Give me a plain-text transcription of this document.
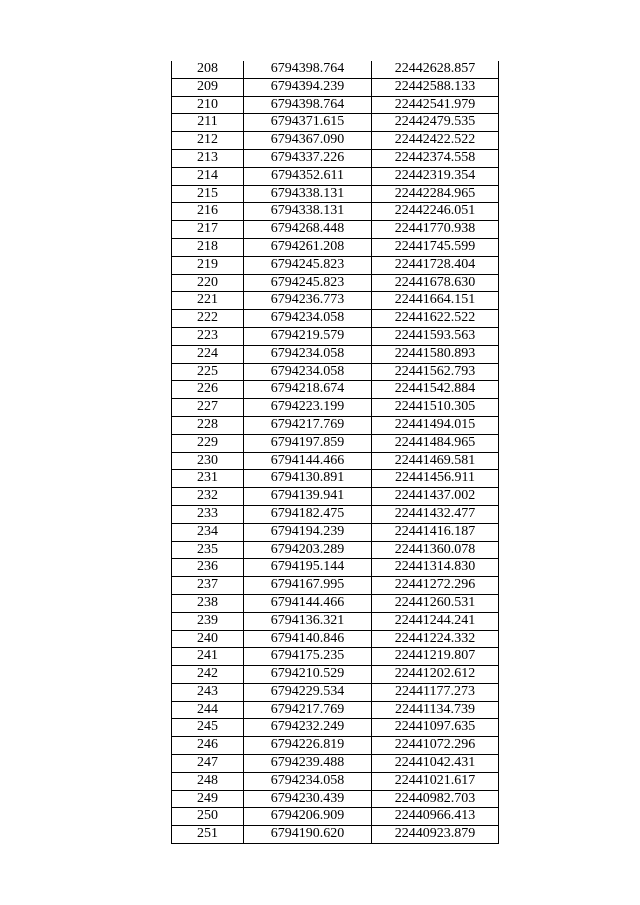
208	6794398.764	22442628.857
209	6794394.239	22442588.133
210	6794398.764	22442541.979
211	6794371.615	22442479.535
212	6794367.090	22442422.522
213	6794337.226	22442374.558
214	6794352.611	22442319.354
215	6794338.131	22442284.965
216	6794338.131	22442246.051
217	6794268.448	22441770.938
218	6794261.208	22441745.599
219	6794245.823	22441728.404
220	6794245.823	22441678.630
221	6794236.773	22441664.151
222	6794234.058	22441622.522
223	6794219.579	22441593.563
224	6794234.058	22441580.893
225	6794234.058	22441562.793
226	6794218.674	22441542.884
227	6794223.199	22441510.305
228	6794217.769	22441494.015
229	6794197.859	22441484.965
230	6794144.466	22441469.581
231	6794130.891	22441456.911
232	6794139.941	22441437.002
233	6794182.475	22441432.477
234	6794194.239	22441416.187
235	6794203.289	22441360.078
236	6794195.144	22441314.830
237	6794167.995	22441272.296
238	6794144.466	22441260.531
239	6794136.321	22441244.241
240	6794140.846	22441224.332
241	6794175.235	22441219.807
242	6794210.529	22441202.612
243	6794229.534	22441177.273
244	6794217.769	22441134.739
245	6794232.249	22441097.635
246	6794226.819	22441072.296
247	6794239.488	22441042.431
248	6794234.058	22441021.617
249	6794230.439	22440982.703
250	6794206.909	22440966.413
251	6794190.620	22440923.879
